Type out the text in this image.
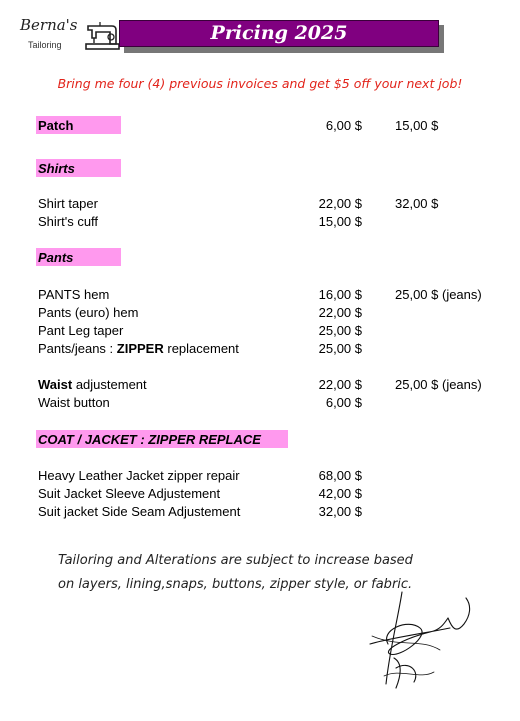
Berna's
Tailoring
Pricing 2025
Bring me four (4) previous invoices and get $5 off your next job!
Patch	6,00 $	15,00 $
Shirts
Shirt taper	22,00 $	32,00 $
Shirt's cuff	15,00 $
Pants
PANTS hem	16,00 $	25,00 $ (jeans)
Pants (euro) hem	22,00 $
Pant Leg taper	25,00 $
Pants/jeans : ZIPPER replacement	25,00 $
Waist adjustement	22,00 $	25,00 $ (jeans)
Waist button	6,00 $
COAT / JACKET : ZIPPER REPLACE
Heavy Leather Jacket zipper repair	68,00 $
Suit Jacket Sleeve Adjustement	42,00 $
Suit jacket Side Seam Adjustement	32,00 $
Tailoring and Alterations are subject to increase based on layers, lining,snaps, buttons, zipper style, or fabric.
